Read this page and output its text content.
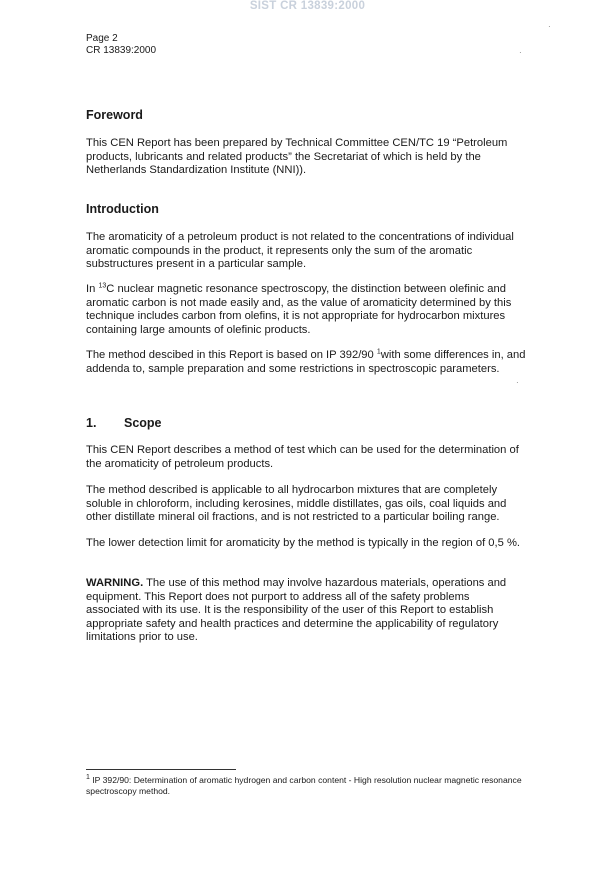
SIST CR 13839:2000
Page 2
CR 13839:2000
Foreword
This CEN Report has been prepared by Technical Committee CEN/TC 19 “Petroleum products, lubricants and related products” the Secretariat of which is held by the Netherlands Standardization Institute (NNI)).
Introduction
The aromaticity of a petroleum product is not related to the concentrations of individual aromatic compounds in the product, it represents only the sum of the aromatic substructures present in a particular sample.
In $^{13}$C nuclear magnetic resonance spectroscopy, the distinction between olefinic and aromatic carbon is not made easily and, as the value of aromaticity determined by this technique includes carbon from olefins, it is not appropriate for hydrocarbon mixtures containing large amounts of olefinic products.
The method descibed in this Report is based on IP 392/90 $^1$with some differences in, and addenda to, sample preparation and some restrictions in spectroscopic parameters.
1. Scope
This CEN Report describes a method of test which can be used for the determination of the aromaticity of petroleum products.
The method described is applicable to all hydrocarbon mixtures that are completely soluble in chloroform, including kerosines, middle distillates, gas oils, coal liquids and other distillate mineral oil fractions, and is not restricted to a particular boiling range.
The lower detection limit for aromaticity by the method is typically in the region of 0,5 %.
WARNING. The use of this method may involve hazardous materials, operations and equipment. This Report does not purport to address all of the safety problems associated with its use. It is the responsibility of the user of this Report to establish appropriate safety and health practices and determine the applicability of regulatory limitations prior to use.
$^1$ IP 392/90: Determination of aromatic hydrogen and carbon content - High resolution nuclear magnetic resonance spectroscopy method.
·
·
·
